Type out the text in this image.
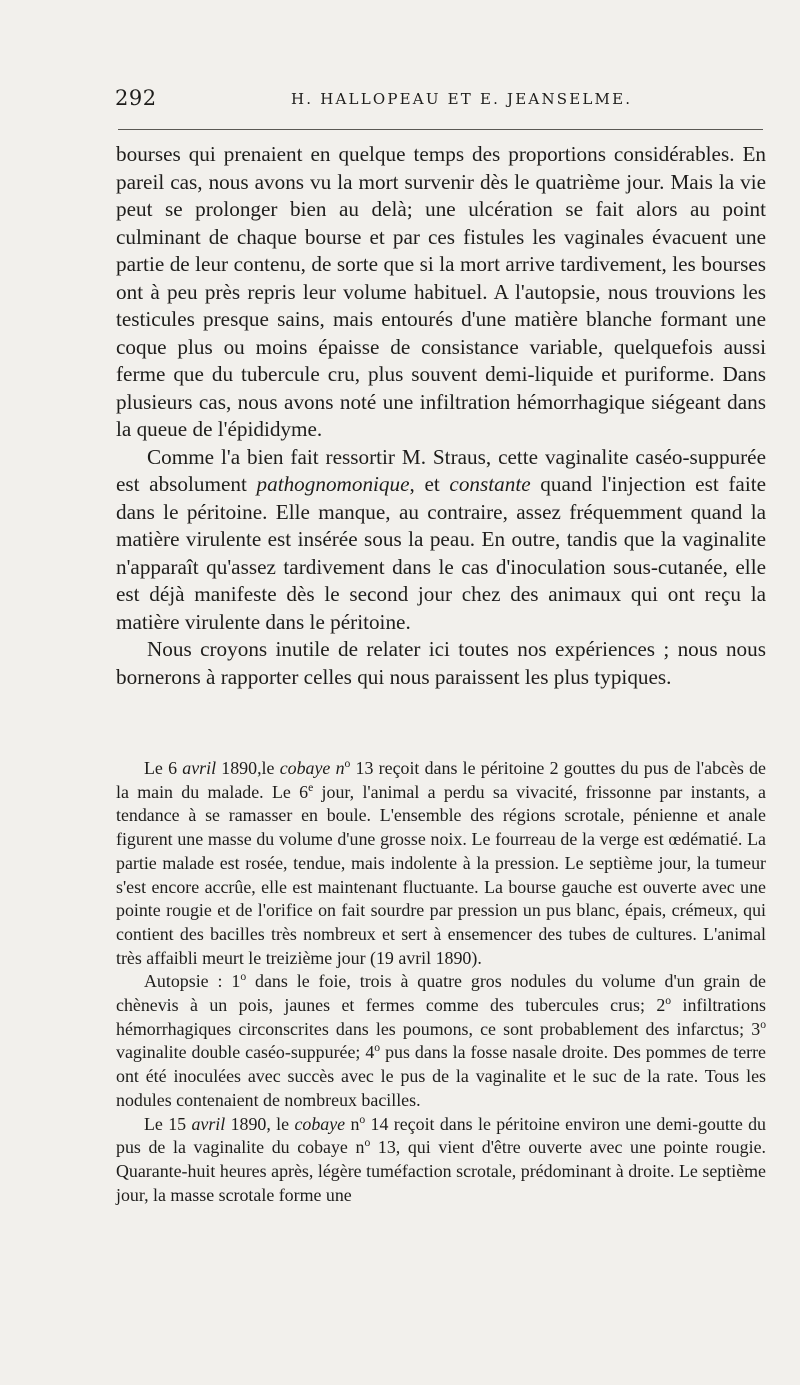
292	H. HALLOPEAU ET E. JEANSELME.

bourses qui prenaient en quelque temps des proportions considérables. En pareil cas, nous avons vu la mort survenir dès le quatrième jour. Mais la vie peut se prolonger bien au delà; une ulcération se fait alors au point culminant de chaque bourse et par ces fistules les vaginales évacuent une partie de leur contenu, de sorte que si la mort arrive tardivement, les bourses ont à peu près repris leur volume habituel. A l'autopsie, nous trouvions les testicules presque sains, mais entourés d'une matière blanche formant une coque plus ou moins épaisse de consistance variable, quelquefois aussi ferme que du tubercule cru, plus souvent demi-liquide et puriforme. Dans plusieurs cas, nous avons noté une infiltration hémorrhagique siégeant dans la queue de l'épididyme.

Comme l'a bien fait ressortir M. Straus, cette vaginalite caséo-suppurée est absolument pathognomonique, et constante quand l'injection est faite dans le péritoine. Elle manque, au contraire, assez fréquemment quand la matière virulente est insérée sous la peau. En outre, tandis que la vaginalite n'apparaît qu'assez tardivement dans le cas d'inoculation sous-cutanée, elle est déjà manifeste dès le second jour chez des animaux qui ont reçu la matière virulente dans le péritoine.

Nous croyons inutile de relater ici toutes nos expériences ; nous nous bornerons à rapporter celles qui nous paraissent les plus typiques.

Le 6 avril 1890,le cobaye $n^o$ 13 reçoit dans le péritoine 2 gouttes du pus de l'abcès de la main du malade. Le 6e jour, l'animal a perdu sa vivacité, frissonne par instants, a tendance à se ramasser en boule. L'ensemble des régions scrotale, pénienne et anale figurent une masse du volume d'une grosse noix. Le fourreau de la verge est œdématié. La partie malade est rosée, tendue, mais indolente à la pression. Le septième jour, la tumeur s'est encore accrûe, elle est maintenant fluctuante. La bourse gauche est ouverte avec une pointe rougie et de l'orifice on fait sourdre par pression un pus blanc, épais, crémeux, qui contient des bacilles très nombreux et sert à ensemencer des tubes de cultures. L'animal très affaibli meurt le treizième jour (19 avril 1890).

Autopsie : 1$^o$ dans le foie, trois à quatre gros nodules du volume d'un grain de chènevis à un pois, jaunes et fermes comme des tubercules crus; 2$^o$ infiltrations hémorrhagiques circonscrites dans les poumons, ce sont probablement des infarctus; 3$^o$ vaginalite double caséo-suppurée; 4$^o$ pus dans la fosse nasale droite. Des pommes de terre ont été inoculées avec succès avec le pus de la vaginalite et le suc de la rate. Tous les nodules contenaient de nombreux bacilles.

Le 15 avril 1890, le cobaye $n^o$ 14 reçoit dans le péritoine environ une demi-goutte du pus de la vaginalite du cobaye $n^o$ 13, qui vient d'être ouverte avec une pointe rougie. Quarante-huit heures après, légère tuméfaction scrotale, prédominant à droite. Le septième jour, la masse scrotale forme une
